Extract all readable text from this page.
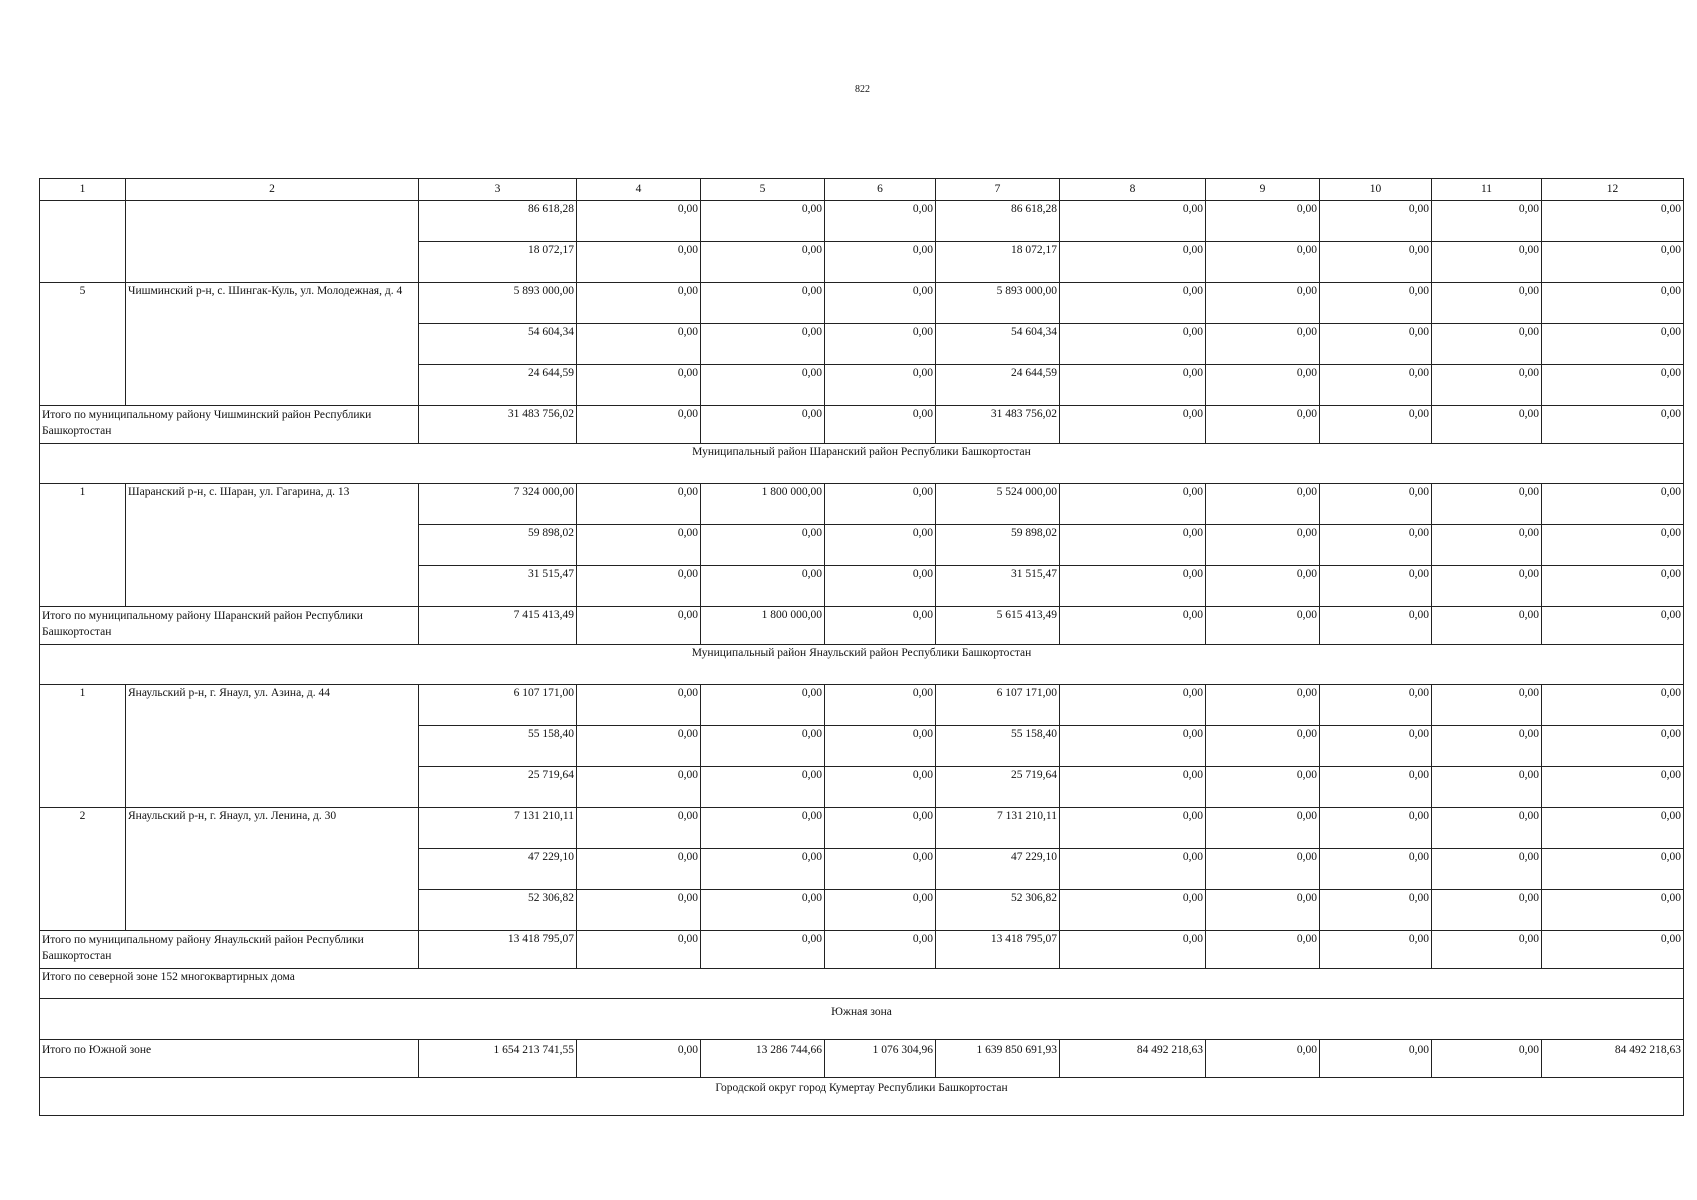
822
1	2	3	4	5	6	7	8	9	10	11	12
		86 618,28	0,00	0,00	0,00	86 618,28	0,00	0,00	0,00	0,00	0,00
		18 072,17	0,00	0,00	0,00	18 072,17	0,00	0,00	0,00	0,00	0,00
5	Чишминский р-н, с. Шингак-Куль, ул. Молодежная, д. 4	5 893 000,00	0,00	0,00	0,00	5 893 000,00	0,00	0,00	0,00	0,00	0,00
		54 604,34	0,00	0,00	0,00	54 604,34	0,00	0,00	0,00	0,00	0,00
		24 644,59	0,00	0,00	0,00	24 644,59	0,00	0,00	0,00	0,00	0,00
Итого по муниципальному району Чишминский район Республики Башкортостан		31 483 756,02	0,00	0,00	0,00	31 483 756,02	0,00	0,00	0,00	0,00	0,00
Муниципальный район Шаранский район Республики Башкортостан											
1	Шаранский р-н, с. Шаран, ул. Гагарина, д. 13	7 324 000,00	0,00	1 800 000,00	0,00	5 524 000,00	0,00	0,00	0,00	0,00	0,00
		59 898,02	0,00	0,00	0,00	59 898,02	0,00	0,00	0,00	0,00	0,00
		31 515,47	0,00	0,00	0,00	31 515,47	0,00	0,00	0,00	0,00	0,00
Итого по муниципальному району Шаранский район Республики Башкортостан		7 415 413,49	0,00	1 800 000,00	0,00	5 615 413,49	0,00	0,00	0,00	0,00	0,00
Муниципальный район Янаульский район Республики Башкортостан											
1	Янаульский р-н, г. Янаул, ул. Азина, д. 44	6 107 171,00	0,00	0,00	0,00	6 107 171,00	0,00	0,00	0,00	0,00	0,00
		55 158,40	0,00	0,00	0,00	55 158,40	0,00	0,00	0,00	0,00	0,00
		25 719,64	0,00	0,00	0,00	25 719,64	0,00	0,00	0,00	0,00	0,00
2	Янаульский р-н, г. Янаул, ул. Ленина, д. 30	7 131 210,11	0,00	0,00	0,00	7 131 210,11	0,00	0,00	0,00	0,00	0,00
		47 229,10	0,00	0,00	0,00	47 229,10	0,00	0,00	0,00	0,00	0,00
		52 306,82	0,00	0,00	0,00	52 306,82	0,00	0,00	0,00	0,00	0,00
Итого по муниципальному району Янаульский район Республики Башкортостан		13 418 795,07	0,00	0,00	0,00	13 418 795,07	0,00	0,00	0,00	0,00	0,00
Итого по северной зоне 152 многоквартирных дома											
Южная зона											
Итого по Южной зоне		1 654 213 741,55	0,00	13 286 744,66	1 076 304,96	1 639 850 691,93	84 492 218,63	0,00	0,00	0,00	84 492 218,63
Городской округ город Кумертау Республики Башкортостан											
